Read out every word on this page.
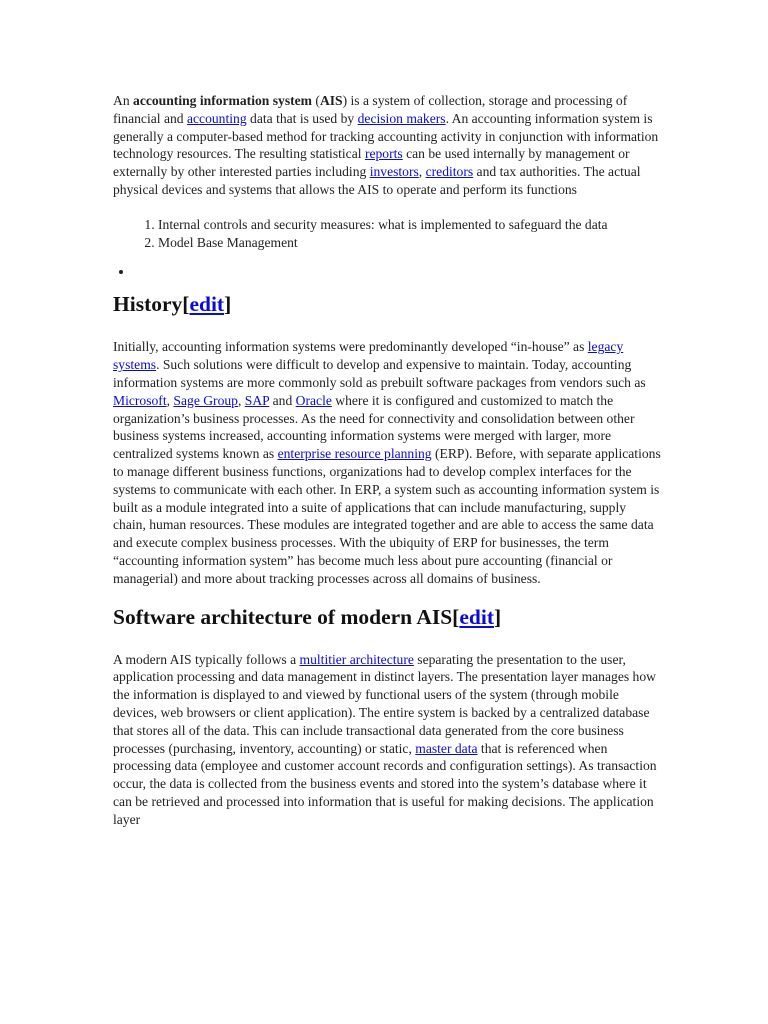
An accounting information system (AIS) is a system of collection, storage and processing of financial and accounting data that is used by decision makers. An accounting information system is generally a computer-based method for tracking accounting activity in conjunction with information technology resources. The resulting statistical reports can be used internally by management or externally by other interested parties including investors, creditors and tax authorities. The actual physical devices and systems that allows the AIS to operate and perform its functions

1. Internal controls and security measures: what is implemented to safeguard the data
2. Model Base Management
•
History[edit]

Initially, accounting information systems were predominantly developed “in-house” as legacy systems. Such solutions were difficult to develop and expensive to maintain. Today, accounting information systems are more commonly sold as prebuilt software packages from vendors such as Microsoft, Sage Group, SAP and Oracle where it is configured and customized to match the organization’s business processes. As the need for connectivity and consolidation between other business systems increased, accounting information systems were merged with larger, more centralized systems known as enterprise resource planning (ERP). Before, with separate applications to manage different business functions, organizations had to develop complex interfaces for the systems to communicate with each other. In ERP, a system such as accounting information system is built as a module integrated into a suite of applications that can include manufacturing, supply chain, human resources. These modules are integrated together and are able to access the same data and execute complex business processes. With the ubiquity of ERP for businesses, the term “accounting information system” has become much less about pure accounting (financial or managerial) and more about tracking processes across all domains of business.

Software architecture of modern AIS[edit]

A modern AIS typically follows a multitier architecture separating the presentation to the user, application processing and data management in distinct layers. The presentation layer manages how the information is displayed to and viewed by functional users of the system (through mobile devices, web browsers or client application). The entire system is backed by a centralized database that stores all of the data. This can include transactional data generated from the core business processes (purchasing, inventory, accounting) or static, master data that is referenced when processing data (employee and customer account records and configuration settings). As transaction occur, the data is collected from the business events and stored into the system’s database where it can be retrieved and processed into information that is useful for making decisions. The application layer
